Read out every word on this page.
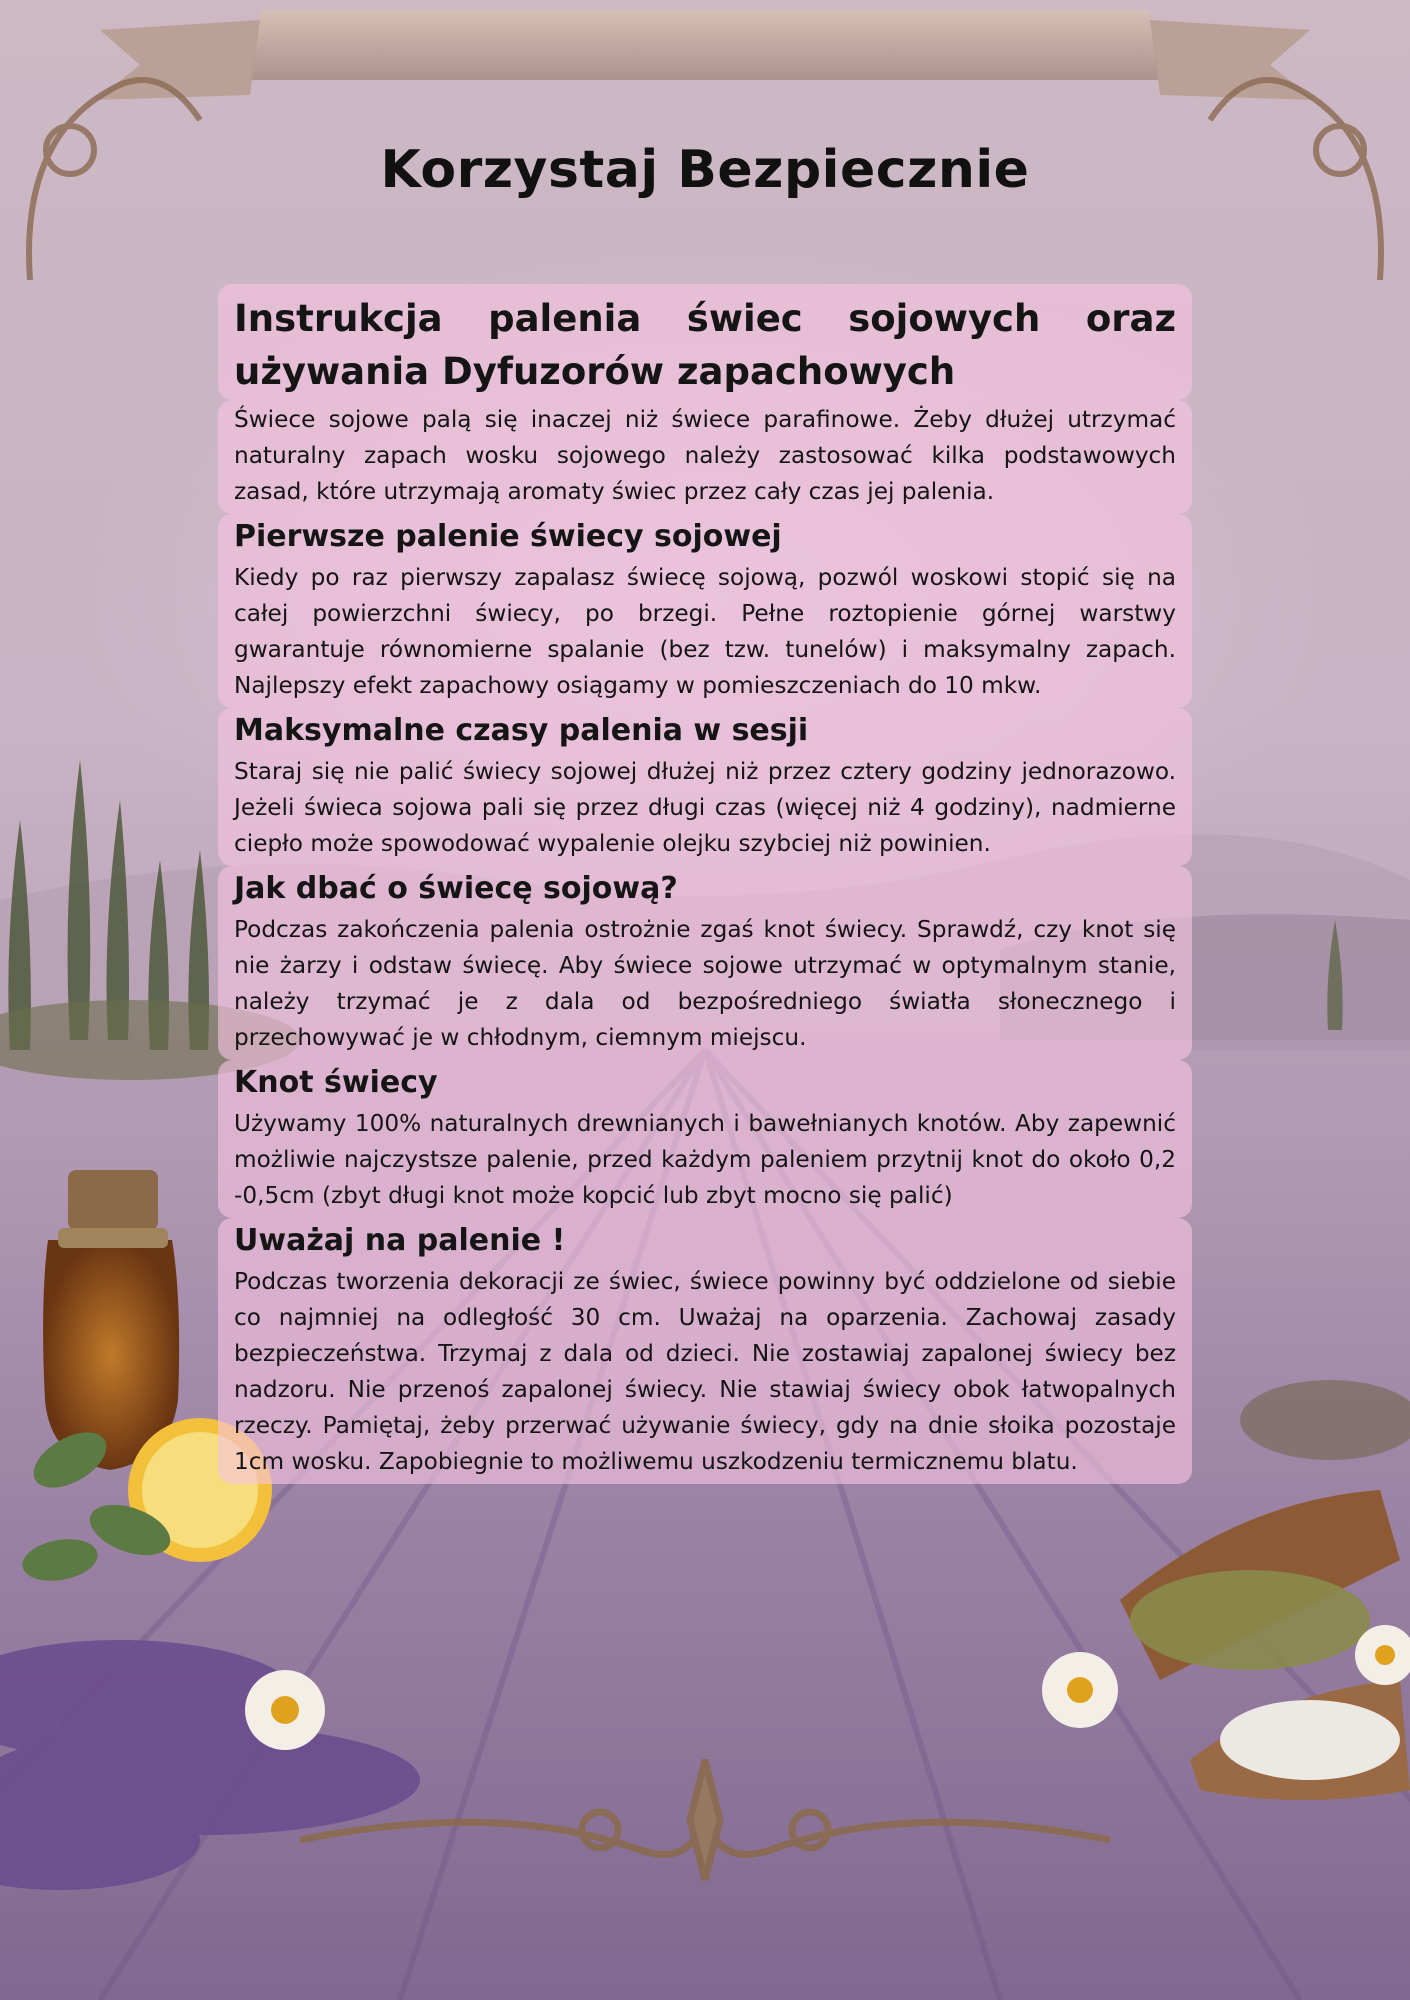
Korzystaj Bezpiecznie
Instrukcja palenia świec sojowych oraz używania Dyfuzorów zapachowych

Świece sojowe palą się inaczej niż świece parafinowe. Żeby dłużej utrzymać naturalny zapach wosku sojowego należy zastosować kilka podstawowych zasad, które utrzymają aromaty świec przez cały czas jej palenia.

Pierwsze palenie świecy sojowej

Kiedy po raz pierwszy zapalasz świecę sojową, pozwól woskowi stopić się na całej powierzchni świecy, po brzegi. Pełne roztopienie górnej warstwy gwarantuje równomierne spalanie (bez tzw. tunelów) i maksymalny zapach. Najlepszy efekt zapachowy osiągamy w pomieszczeniach do 10 mkw.

Maksymalne czasy palenia w sesji

Staraj się nie palić świecy sojowej dłużej niż przez cztery godziny jednorazowo. Jeżeli świeca sojowa pali się przez długi czas (więcej niż 4 godziny), nadmierne ciepło może spowodować wypalenie olejku szybciej niż powinien.

Jak dbać o świecę sojową?

Podczas zakończenia palenia ostrożnie zgaś knot świecy. Sprawdź, czy knot się nie żarzy i odstaw świecę. Aby świece sojowe utrzymać w optymalnym stanie, należy trzymać je z dala od bezpośredniego światła słonecznego i przechowywać je w chłodnym, ciemnym miejscu.

Knot świecy

Używamy 100% naturalnych drewnianych i bawełnianych knotów. Aby zapewnić możliwie najczystsze palenie, przed każdym paleniem przytnij knot do około 0,2 -0,5cm (zbyt długi knot może kopcić lub zbyt mocno się palić)

Uważaj na palenie !

Podczas tworzenia dekoracji ze świec, świece powinny być oddzielone od siebie co najmniej na odległość 30 cm. Uważaj na oparzenia. Zachowaj zasady bezpieczeństwa. Trzymaj z dala od dzieci. Nie zostawiaj zapalonej świecy bez nadzoru. Nie przenoś zapalonej świecy. Nie stawiaj świecy obok łatwopalnych rzeczy. Pamiętaj, żeby przerwać używanie świecy, gdy na dnie słoika pozostaje 1cm wosku. Zapobiegnie to możliwemu uszkodzeniu termicznemu blatu.
